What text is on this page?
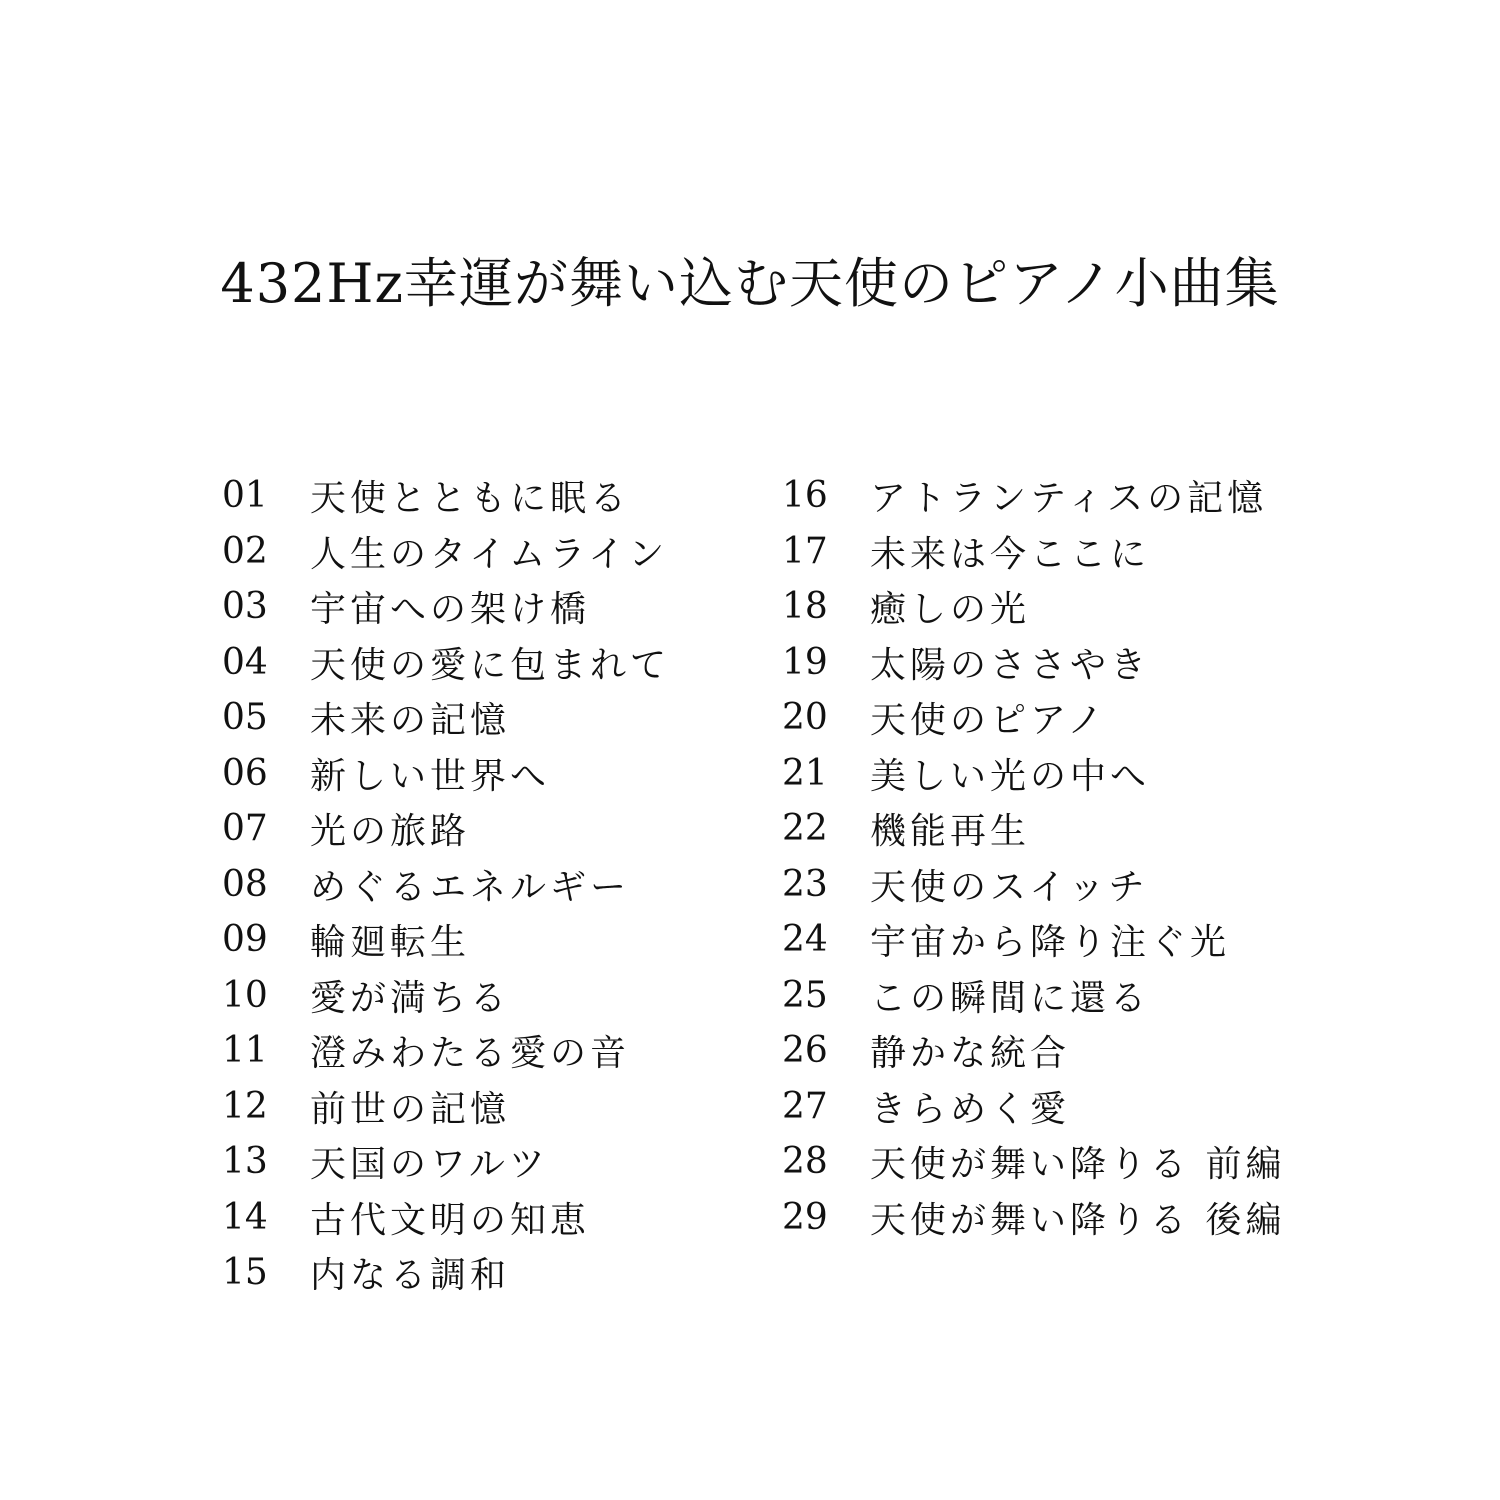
432Hz幸運が舞い込む天使のピアノ小曲集
01	天使とともに眠る
02	人生のタイムライン
03	宇宙への架け橋
04	天使の愛に包まれて
05	未来の記憶
06	新しい世界へ
07	光の旅路
08	めぐるエネルギー
09	輪廻転生
10	愛が満ちる
11	澄みわたる愛の音
12	前世の記憶
13	天国のワルツ
14	古代文明の知恵
15	内なる調和
16	アトランティスの記憶
17	未来は今ここに
18	癒しの光
19	太陽のささやき
20	天使のピアノ
21	美しい光の中へ
22	機能再生
23	天使のスイッチ
24	宇宙から降り注ぐ光
25	この瞬間に還る
26	静かな統合
27	きらめく愛
28	天使が舞い降りる 前編
29	天使が舞い降りる 後編
